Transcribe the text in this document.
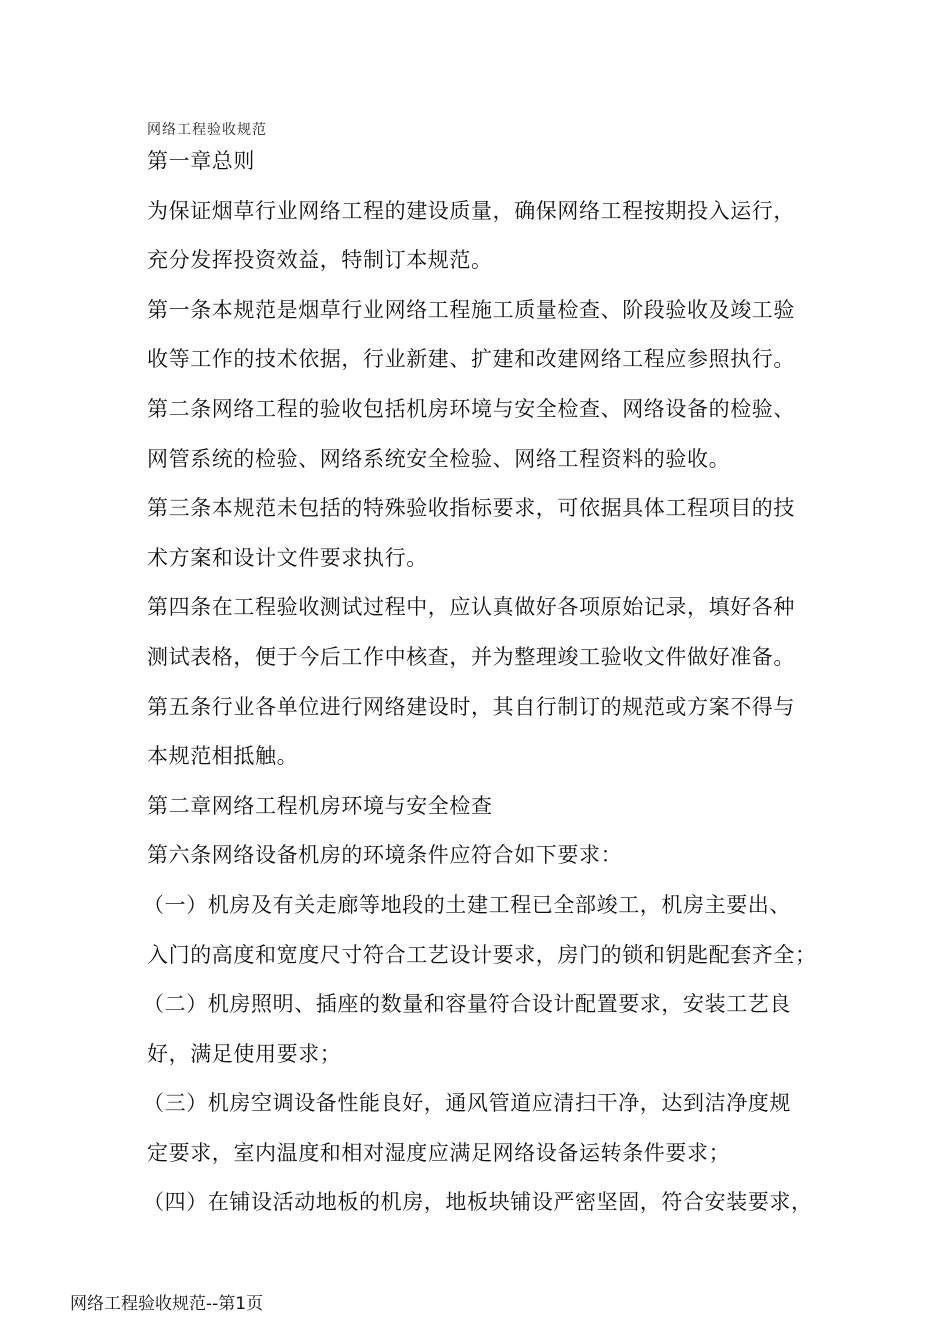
网络工程验收规范
第一章总则
为保证烟草行业网络工程的建设质量，确保网络工程按期投入运行，
充分发挥投资效益，特制订本规范。
第一条本规范是烟草行业网络工程施工质量检查、阶段验收及竣工验
收等工作的技术依据，行业新建、扩建和改建网络工程应参照执行。
第二条网络工程的验收包括机房环境与安全检查、网络设备的检验、
网管系统的检验、网络系统安全检验、网络工程资料的验收。
第三条本规范未包括的特殊验收指标要求，可依据具体工程项目的技
术方案和设计文件要求执行。
第四条在工程验收测试过程中，应认真做好各项原始记录，填好各种
测试表格，便于今后工作中核查，并为整理竣工验收文件做好准备。
第五条行业各单位进行网络建设时，其自行制订的规范或方案不得与
本规范相抵触。
第二章网络工程机房环境与安全检查
第六条网络设备机房的环境条件应符合如下要求：
（一）机房及有关走廊等地段的土建工程已全部竣工，机房主要出、
入门的高度和宽度尺寸符合工艺设计要求，房门的锁和钥匙配套齐全；
（二）机房照明、插座的数量和容量符合设计配置要求，安装工艺良
好，满足使用要求；
（三）机房空调设备性能良好，通风管道应清扫干净，达到洁净度规
定要求，室内温度和相对湿度应满足网络设备运转条件要求；
（四）在铺设活动地板的机房，地板块铺设严密坚固，符合安装要求，
网络工程验收规范--第1页
